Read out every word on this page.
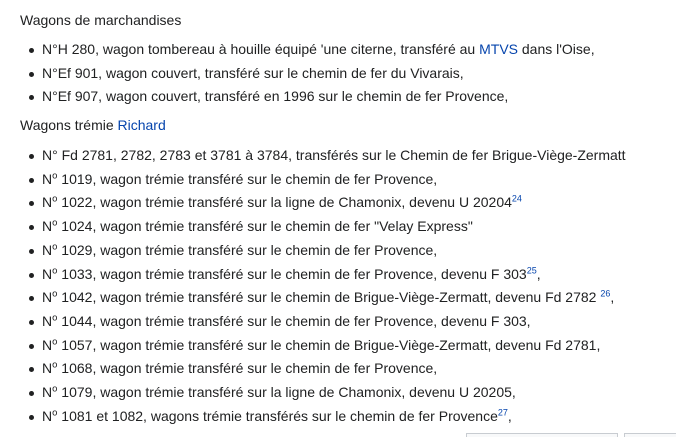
Wagons de marchandises

N°H 280, wagon tombereau à houille équipé 'une citerne, transféré au MTVS dans l'Oise,
N°Ef 901, wagon couvert, transféré sur le chemin de fer du Vivarais,
N°Ef 907, wagon couvert, transféré en 1996 sur le chemin de fer Provence,

Wagons trémie Richard

N° Fd 2781, 2782, 2783 et 3781 à 3784, transférés sur le Chemin de fer Brigue-Viège-Zermatt
$N^o$ 1019, wagon trémie transféré sur le chemin de fer Provence,
$N^o$ 1022, wagon trémie transféré sur la ligne de Chamonix, devenu U 20204$^{24}$
$N^o$ 1024, wagon trémie transféré sur le chemin de fer "Velay Express"
$N^o$ 1029, wagon trémie transféré sur le chemin de fer Provence,
$N^o$ 1033, wagon trémie transféré sur le chemin de fer Provence, devenu F 303$^{25}$,
$N^o$ 1042, wagon trémie transféré sur le chemin de Brigue-Viège-Zermatt, devenu Fd 2782 $^{26}$,
$N^o$ 1044, wagon trémie transféré sur le chemin de fer Provence, devenu F 303,
$N^o$ 1057, wagon trémie transféré sur le chemin de Brigue-Viège-Zermatt, devenu Fd 2781,
$N^o$ 1068, wagon trémie transféré sur le chemin de fer Provence,
$N^o$ 1079, wagon trémie transféré sur la ligne de Chamonix, devenu U 20205,
$N^o$ 1081 et 1082, wagons trémie transférés sur le chemin de fer Provence$^{27}$,
